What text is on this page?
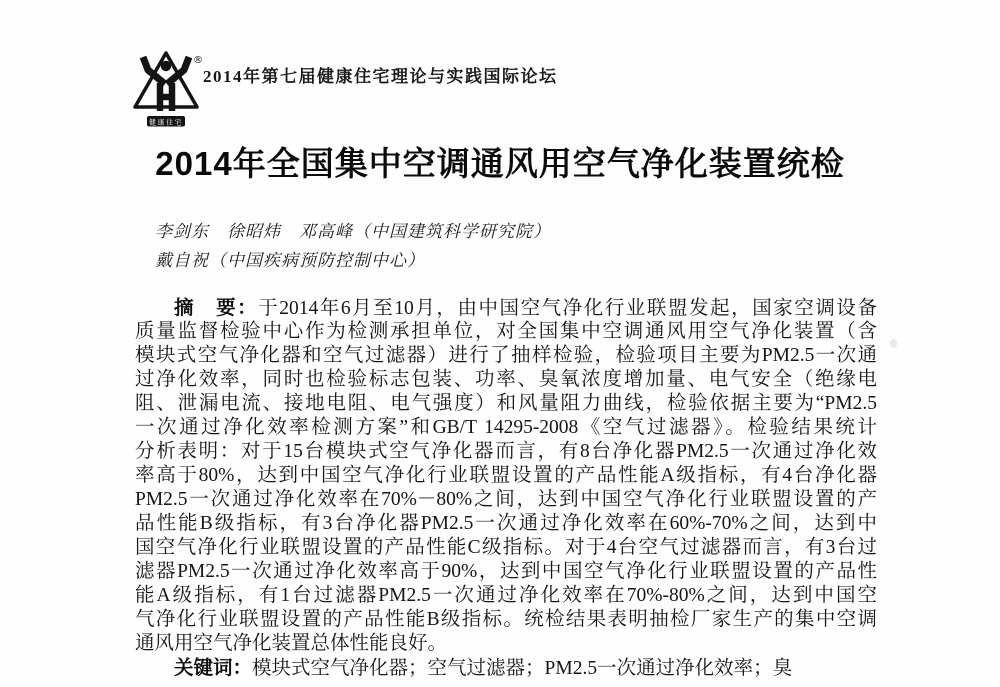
®
健康住宅
2014年第七届健康住宅理论与实践国际论坛
2014年全国集中空调通风用空气净化装置统检
李剑东　徐昭炜　邓高峰（中国建筑科学研究院）
戴自祝（中国疾病预防控制中心）
摘　要：于2014年6月至10月，由中国空气净化行业联盟发起，国家空调设备
质量监督检验中心作为检测承担单位，对全国集中空调通风用空气净化装置（含
模块式空气净化器和空气过滤器）进行了抽样检验，检验项目主要为PM2.5一次通
过净化效率，同时也检验标志包装、功率、臭氧浓度增加量、电气安全（绝缘电
阻、泄漏电流、接地电阻、电气强度）和风量阻力曲线，检验依据主要为“PM2.5
一次通过净化效率检测方案”和GB/T 14295-2008《空气过滤器》。检验结果统计
分析表明：对于15台模块式空气净化器而言，有8台净化器PM2.5一次通过净化效
率高于80%，达到中国空气净化行业联盟设置的产品性能A级指标，有4台净化器
PM2.5一次通过净化效率在70%－80%之间，达到中国空气净化行业联盟设置的产
品性能B级指标，有3台净化器PM2.5一次通过净化效率在60%-70%之间，达到中
国空气净化行业联盟设置的产品性能C级指标。对于4台空气过滤器而言，有3台过
滤器PM2.5一次通过净化效率高于90%，达到中国空气净化行业联盟设置的产品性
能A级指标，有1台过滤器PM2.5一次通过净化效率在70%-80%之间，达到中国空
气净化行业联盟设置的产品性能B级指标。统检结果表明抽检厂家生产的集中空调
通风用空气净化装置总体性能良好。
关键词：模块式空气净化器；空气过滤器；PM2.5一次通过净化效率；臭
